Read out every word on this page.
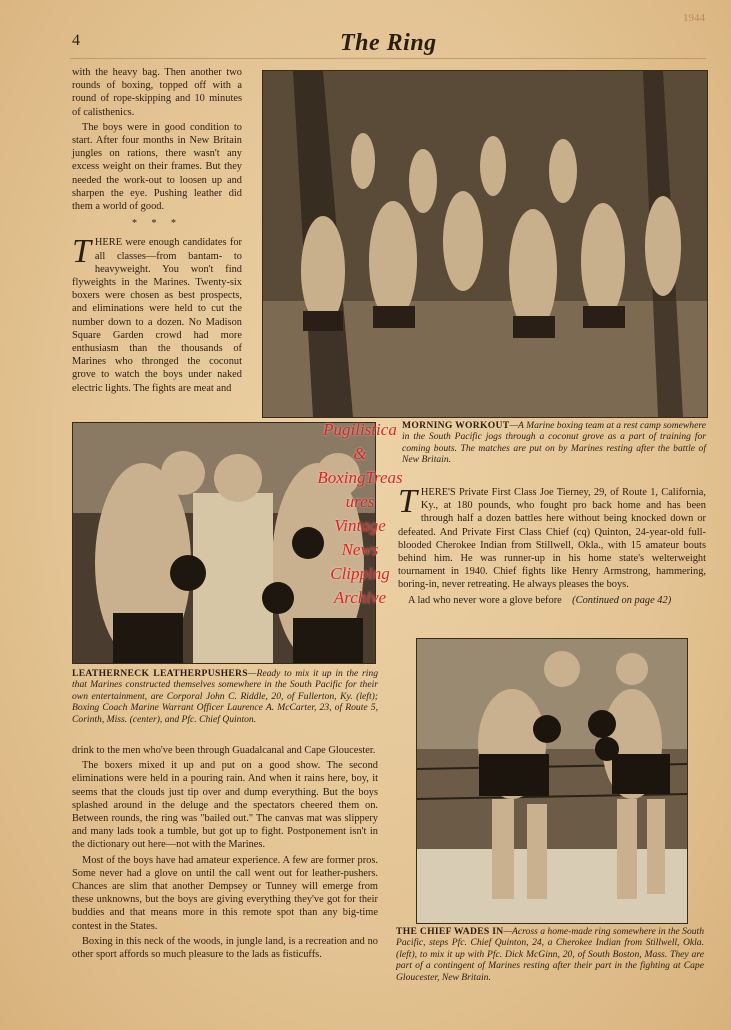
4	The Ring
1944

with the heavy bag. Then another two rounds of boxing, topped off with a round of rope-skipping and 10 minutes of calisthenics.

The boys were in good condition to start. After four months in New Britain jungles on rations, there wasn't any excess weight on their frames. But they needed the work-out to loosen up and sharpen the eye. Pushing leather did them a world of good.

* * *

THERE were enough candidates for all classes—from bantam- to heavyweight. You won't find flyweights in the Marines. Twenty-six boxers were chosen as best prospects, and eliminations were held to cut the number down to a dozen. No Madison Square Garden crowd had more enthusiasm than the thousands of Marines who thronged the coconut grove to watch the boys under naked electric lights. The fights are meat and

MORNING WORKOUT—A Marine boxing team at a rest camp somewhere in the South Pacific jogs through a coconut grove as a part of training for coming bouts. The matches are put on by Marines resting after the battle of New Britain.

THERE'S Private First Class Joe Tierney, 29, of Route 1, California, Ky., at 180 pounds, who fought pro back home and has been through half a dozen battles here without being knocked down or defeated. And Private First Class Chief (cq) Quinton, 24-year-old full-blooded Cherokee Indian from Stillwell, Okla., with 15 amateur bouts behind him. He was runner-up in his home state's welterweight tournament in 1940. Chief fights like Henry Armstrong, hammering, boring-in, never retreating. He always pleases the boys.

A lad who never wore a glove before (Continued on page 42)

LEATHERNECK LEATHERPUSHERS—Ready to mix it up in the ring that Marines constructed themselves somewhere in the South Pacific for their own entertainment, are Corporal John C. Riddle, 20, of Fullerton, Ky. (left); Boxing Coach Marine Warrant Officer Laurence A. McCarter, 23, of Route 5, Corinth, Miss. (center), and Pfc. Chief Quinton.

drink to the men who've been through Guadalcanal and Cape Gloucester.

The boxers mixed it up and put on a good show. The second eliminations were held in a pouring rain. And when it rains here, boy, it seems that the clouds just tip over and dump everything. But the boys splashed around in the deluge and the spectators cheered them on. Between rounds, the ring was "bailed out." The canvas mat was slippery and many lads took a tumble, but got up to fight. Postponement isn't in the dictionary out here—not with the Marines.

Most of the boys have had amateur experience. A few are former pros. Some never had a glove on until the call went out for leather-pushers. Chances are slim that another Dempsey or Tunney will emerge from these unknowns, but the boys are giving everything they've got for their buddies and that means more in this remote spot than any big-time contest in the States.

Boxing in this neck of the woods, in jungle land, is a recreation and no other sport affords so much pleasure to the lads as fisticuffs.

THE CHIEF WADES IN—Across a home-made ring somewhere in the South Pacific, steps Pfc. Chief Quinton, 24, a Cherokee Indian from Stillwell, Okla. (left), to mix it up with Pfc. Dick McGinn, 20, of South Boston, Mass. They are part of a contingent of Marines resting after their part in the fighting at Cape Gloucester, New Britain.
Pugilistica
&
BoxingTreas
ures
Vintage
News
Clipping
Archive
